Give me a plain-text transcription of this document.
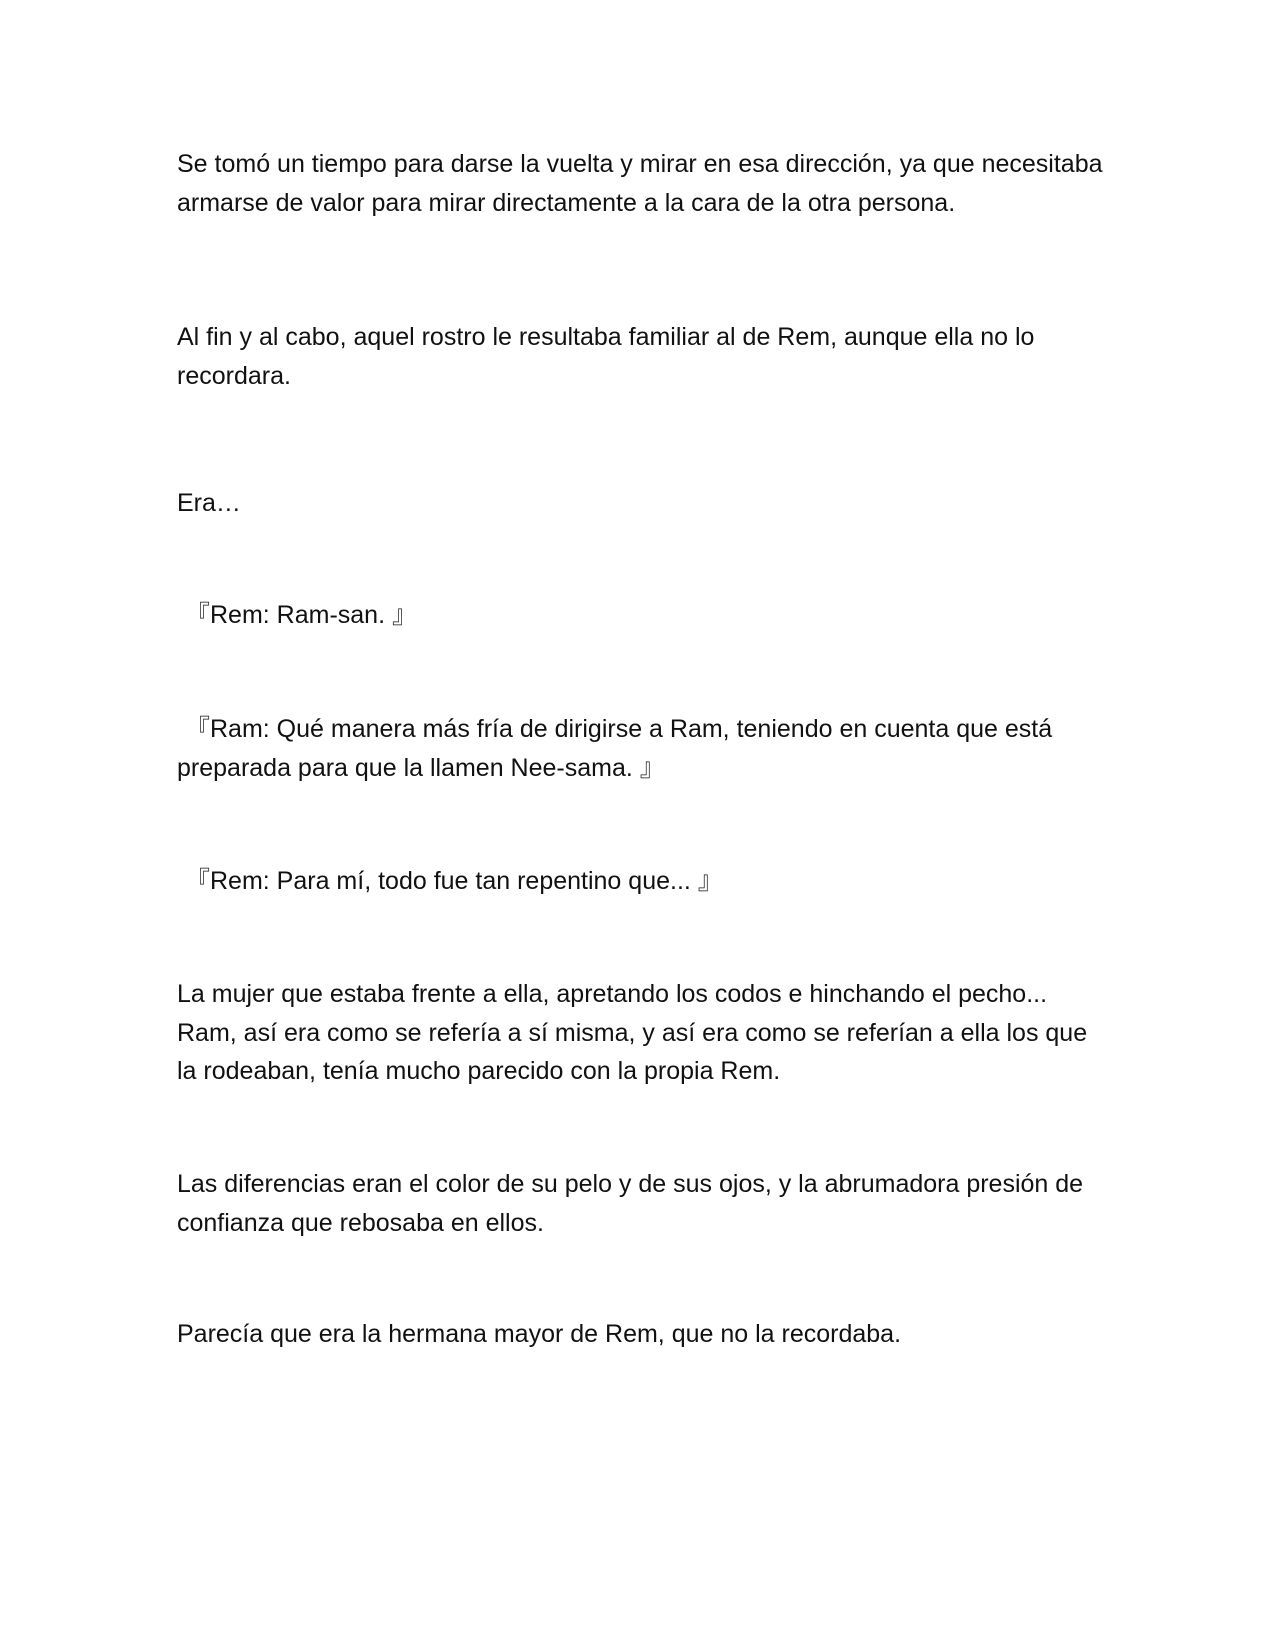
Se tomó un tiempo para darse la vuelta y mirar en esa dirección, ya que necesitaba armarse de valor para mirar directamente a la cara de la otra persona.

Al fin y al cabo, aquel rostro le resultaba familiar al de Rem, aunque ella no lo recordara.

Era…

『Rem: Ram-san. 』

『Ram: Qué manera más fría de dirigirse a Ram, teniendo en cuenta que está preparada para que la llamen Nee-sama. 』

『Rem: Para mí, todo fue tan repentino que... 』

La mujer que estaba frente a ella, apretando los codos e hinchando el pecho... Ram, así era como se refería a sí misma, y así era como se referían a ella los que la rodeaban, tenía mucho parecido con la propia Rem.

Las diferencias eran el color de su pelo y de sus ojos, y la abrumadora presión de confianza que rebosaba en ellos.

Parecía que era la hermana mayor de Rem, que no la recordaba.
